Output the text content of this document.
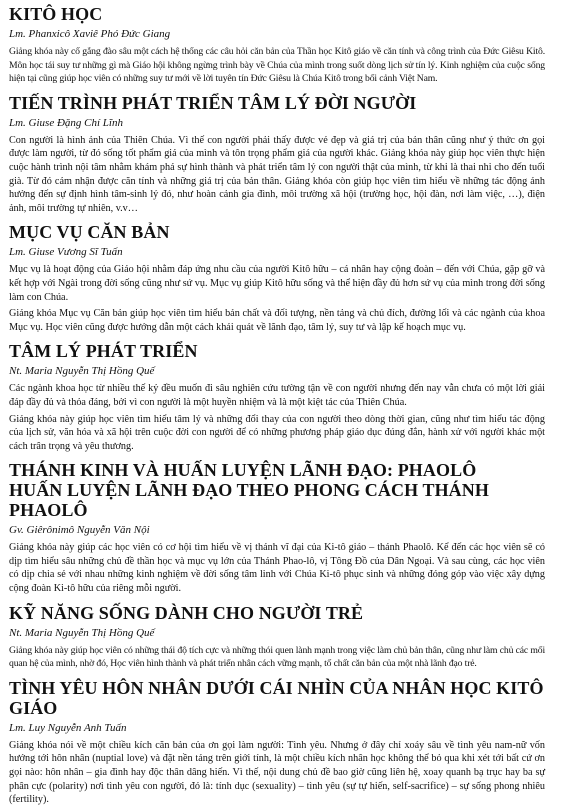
KITÔ HỌC
Lm. Phanxicô Xaviê Phó Đức Giang

Giảng khóa này cố gắng đào sâu một cách hệ thống các câu hỏi căn bản của Thần học Kitô giáo về căn tính và công trình của Đức Giêsu Kitô. Môn học tái suy tư những gì mà Giáo hội không ngừng trình bày về Chúa của mình trong suốt dòng lịch sử tín lý. Kinh nghiệm của cuộc sống hiện tại cũng giúp học viên có những suy tư mới về lời tuyên tín Đức Giêsu là Chúa Kitô trong bối cảnh Việt Nam.

TIẾN TRÌNH PHÁT TRIỂN TÂM LÝ ĐỜI NGƯỜI
Lm. Giuse Đặng Chí Lĩnh

Con người là hình ảnh của Thiên Chúa. Vì thế con người phải thấy được vẻ đẹp và giá trị của bản thân cũng như ý thức ơn gọi được làm người, từ đó sống tốt phẩm giá của mình và tôn trọng phẩm giá của người khác. Giảng khóa này giúp học viên thực hiện cuộc hành trình nội tâm nhằm khám phá sự hình thành và phát triển tâm lý con người thật của mình, từ khi là thai nhi cho đến tuổi già. Từ đó cảm nhận được căn tính và những giá trị của bản thân. Giảng khóa còn giúp học viên tìm hiểu về những tác động ảnh hưởng đến sự định hình tâm-sinh lý đó, như hoàn cảnh gia đình, môi trường xã hội (trường học, hội đàn, nơi làm việc, …), điện ảnh, môi trường tự nhiên, v.v…

MỤC VỤ CĂN BẢN
Lm. Giuse Vương Sĩ Tuấn

Mục vụ là hoạt động của Giáo hội nhằm đáp ứng nhu cầu của người Kitô hữu – cá nhân hay cộng đoàn – đến với Chúa, gặp gỡ và kết hợp với Ngài trong đời sống cũng như sứ vụ. Mục vụ giúp Kitô hữu sống và thể hiện đầy đủ hơn sứ vụ của mình trong đời sống làm con Chúa.

Giảng khóa Mục vụ Căn bản giúp học viên tìm hiểu bản chất và đối tượng, nền tảng và chủ đích, đường lối và các ngành của khoa Mục vụ. Học viên cũng được hướng dẫn một cách khái quát về lãnh đạo, tâm lý, suy tư và lập kế hoạch mục vụ.

TÂM LÝ PHÁT TRIỂN
Nt. Maria Nguyễn Thị Hồng Quế

Các ngành khoa học từ nhiều thế kỷ đều muốn đi sâu nghiên cứu tường tận về con người nhưng đến nay vẫn chưa có một lời giải đáp đầy đủ và thỏa đáng, bởi vì con người là một huyền nhiệm và là một kiệt tác của Thiên Chúa.

Giảng khóa này giúp học viên tìm hiểu tâm lý và những đổi thay của con người theo dòng thời gian, cũng như tìm hiểu tác động của lịch sử, văn hóa và xã hội trên cuộc đời con người để có những phương pháp giáo dục đúng đắn, hành xử với người khác một cách trân trọng và yêu thương.

THÁNH KINH VÀ HUẤN LUYỆN LÃNH ĐẠO: PHAOLÔ
HUẤN LUYỆN LÃNH ĐẠO THEO PHONG CÁCH THÁNH PHAOLÔ
Gv. Giêrônimô Nguyễn Văn Nội

Giảng khóa này giúp các học viên có cơ hội tìm hiểu về vị thánh vĩ đại của Ki-tô giáo – thánh Phaolô. Kể đến các học viên sẽ có dịp tìm hiểu sâu những chủ đề thần học và mục vụ lớn của Thánh Phao-lô, vị Tông Đồ của Dân Ngoại. Và sau cùng, các học viên có dịp chia sẻ với nhau những kinh nghiệm về đời sống tâm linh với Chúa Ki-tô phục sinh và những đóng góp vào việc xây dựng cộng đoàn Ki-tô hữu của riêng mỗi người.

KỸ NĂNG SỐNG DÀNH CHO NGƯỜI TRẺ
Nt. Maria Nguyễn Thị Hồng Quế

Giảng khóa này giúp học viên có những thái độ tích cực và những thói quen lành mạnh trong việc làm chủ bản thân, cũng như làm chủ các mối quan hệ của mình, nhờ đó, Học viên hình thành và phát triển nhân cách vững mạnh, tố chất căn bản của một nhà lãnh đạo trẻ.

TÌNH YÊU HÔN NHÂN DƯỚI CÁI NHÌN CỦA NHÂN HỌC KITÔ GIÁO
Lm. Luy Nguyễn Anh Tuấn

Giảng khóa nói về một chiều kích căn bản của ơn gọi làm người: Tình yêu. Nhưng ở đây chỉ xoáy sâu về tình yêu nam-nữ vốn hướng tới hôn nhân (nuptial love) và đặt nền tảng trên giới tính, là một chiều kích nhân học không thể bỏ qua khi xét tới bất cứ ơn gọi nào: hôn nhân – gia đình hay độc thân dâng hiến. Vì thế, nội dung chủ đề bao giờ cũng liên hệ, xoay quanh bạ trục hay ba sự phân cực (polarity) nơi tình yêu con người, đó là: tính dục (sexuality) – tình yêu (sự tự hiến, self-sacrifice) – sự sống phong nhiêu (fertility).
